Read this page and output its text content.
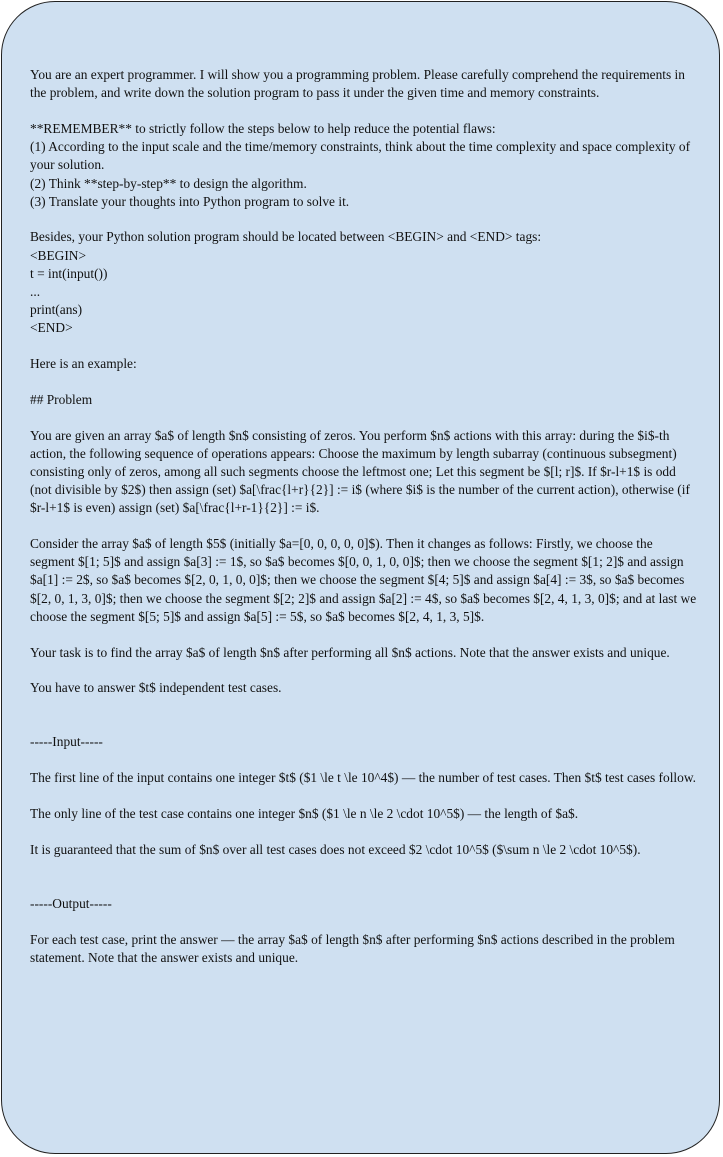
You are an expert programmer. I will show you a programming problem. Please carefully comprehend the requirements in the problem, and write down the solution program to pass it under the given time and memory constraints.

**REMEMBER** to strictly follow the steps below to help reduce the potential flaws:
(1) According to the input scale and the time/memory constraints, think about the time complexity and space complexity of your solution.
(2) Think **step-by-step** to design the algorithm.
(3) Translate your thoughts into Python program to solve it.

Besides, your Python solution program should be located between <BEGIN> and <END> tags:
<BEGIN>
t = int(input())
...
print(ans)
<END>

Here is an example:

## Problem

You are given an array $a$ of length $n$ consisting of zeros. You perform $n$ actions with this array: during the $i$-th action, the following sequence of operations appears: Choose the maximum by length subarray (continuous subsegment) consisting only of zeros, among all such segments choose the leftmost one; Let this segment be $[l; r]$. If $r-l+1$ is odd (not divisible by $2$) then assign (set) $a[\frac{l+r}{2}] := i$ (where $i$ is the number of the current action), otherwise (if $r-l+1$ is even) assign (set) $a[\frac{l+r-1}{2}] := i$.

Consider the array $a$ of length $5$ (initially $a=[0, 0, 0, 0, 0]$). Then it changes as follows: Firstly, we choose the segment $[1; 5]$ and assign $a[3] := 1$, so $a$ becomes $[0, 0, 1, 0, 0]$; then we choose the segment $[1; 2]$ and assign $a[1] := 2$, so $a$ becomes $[2, 0, 1, 0, 0]$; then we choose the segment $[4; 5]$ and assign $a[4] := 3$, so $a$ becomes $[2, 0, 1, 3, 0]$; then we choose the segment $[2; 2]$ and assign $a[2] := 4$, so $a$ becomes $[2, 4, 1, 3, 0]$; and at last we choose the segment $[5; 5]$ and assign $a[5] := 5$, so $a$ becomes $[2, 4, 1, 3, 5]$.

Your task is to find the array $a$ of length $n$ after performing all $n$ actions. Note that the answer exists and unique.

You have to answer $t$ independent test cases.

-----Input-----

The first line of the input contains one integer $t$ ($1 \le t \le 10^4$) — the number of test cases. Then $t$ test cases follow.

The only line of the test case contains one integer $n$ ($1 \le n \le 2 \cdot 10^5$) — the length of $a$.

It is guaranteed that the sum of $n$ over all test cases does not exceed $2 \cdot 10^5$ ($\sum n \le 2 \cdot 10^5$).

-----Output-----

For each test case, print the answer — the array $a$ of length $n$ after performing $n$ actions described in the problem statement. Note that the answer exists and unique.
